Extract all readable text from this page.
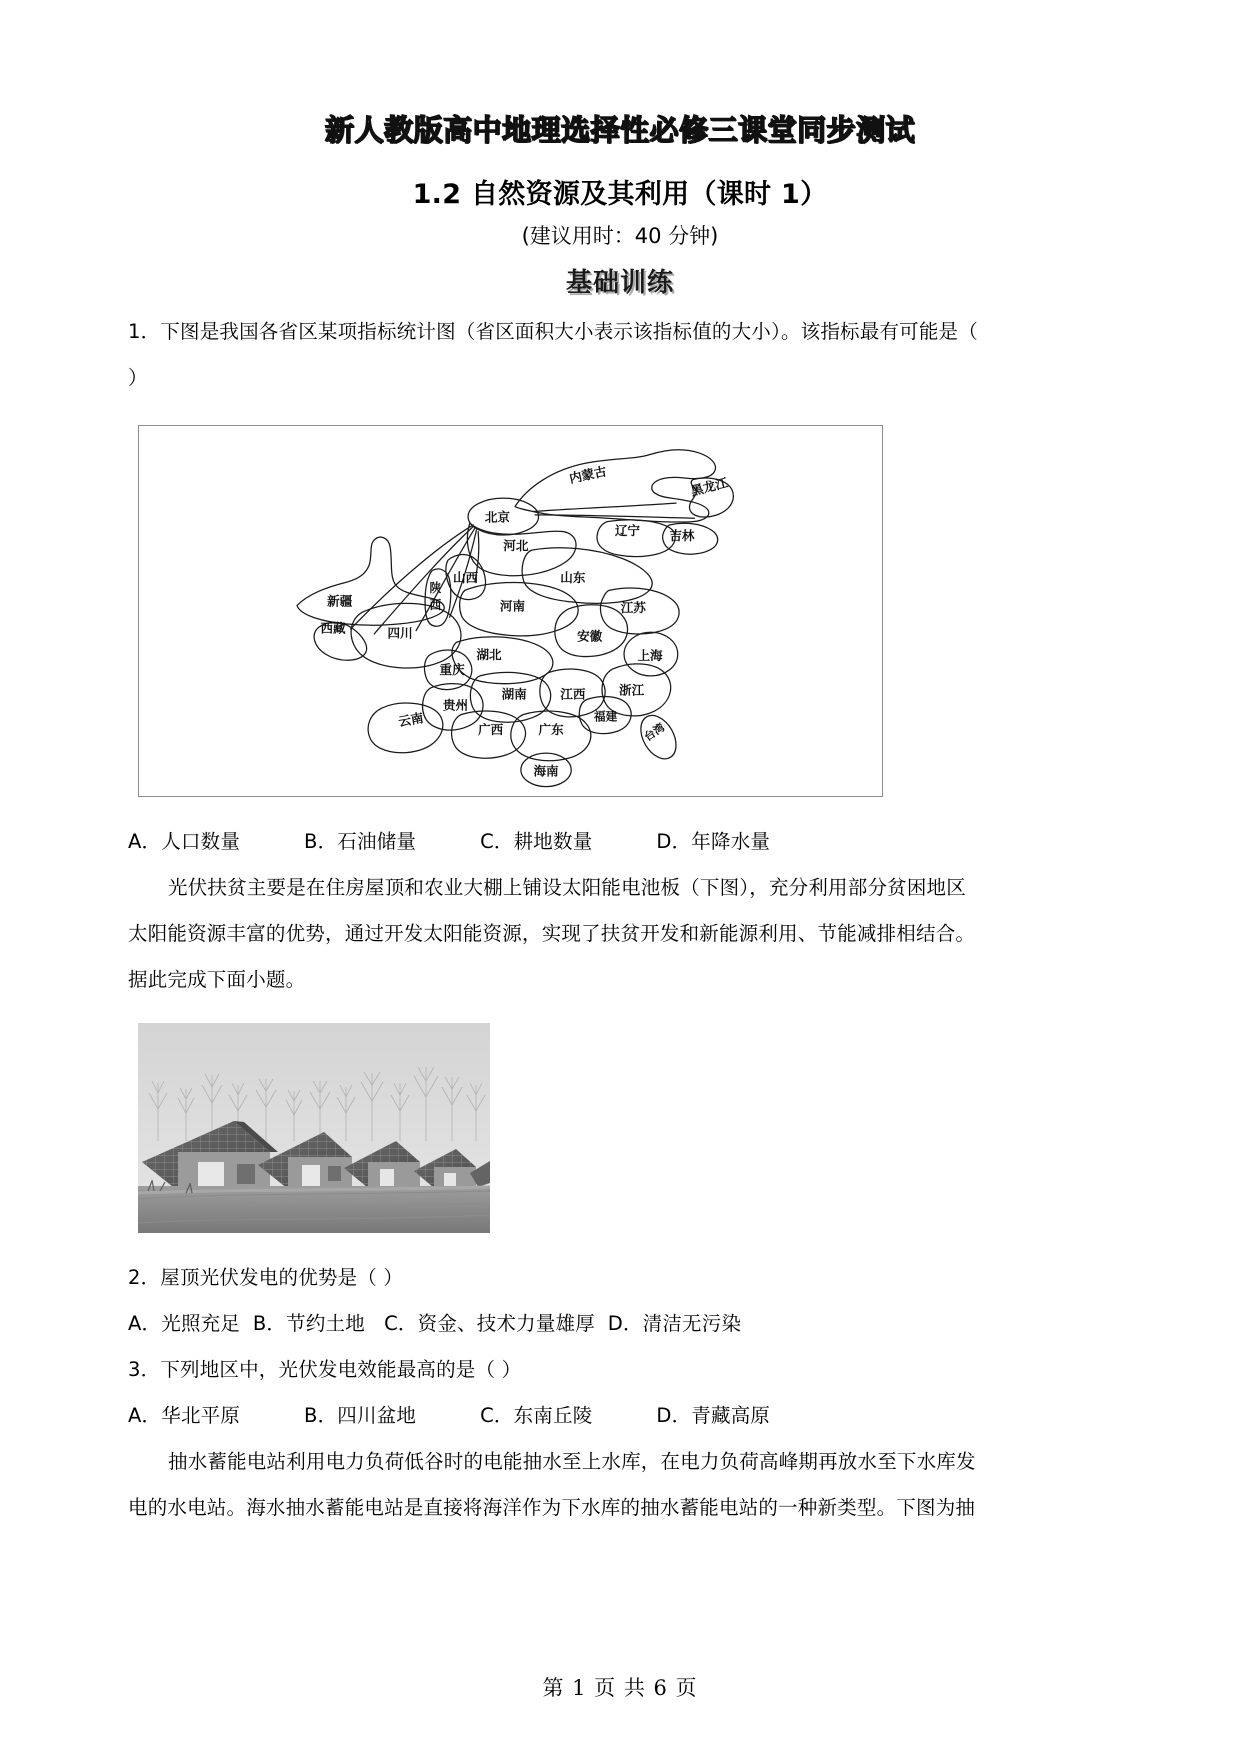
新人教版高中地理选择性必修三课堂同步测试
1.2 自然资源及其利用（课时 1）
(建议用时：40 分钟)
基础训练
1．下图是我国各省区某项指标统计图（省区面积大小表示该指标值的大小）。该指标最有可能是（
）
内蒙古
黑龙江
北京
辽宁 吉林
河北
山西	山东
陕
西
新疆	河南	江苏
西藏	四川	安徽
湖北	上海
重庆
湖南 江西 浙江
贵州
福建
云南
广西 广东	台湾
海南
A．人口数量          B．石油储量          C．耕地数量          D．年降水量
光伏扶贫主要是在住房屋顶和农业大棚上铺设太阳能电池板（下图），充分利用部分贫困地区
太阳能资源丰富的优势，通过开发太阳能资源，实现了扶贫开发和新能源利用、节能减排相结合。
据此完成下面小题。
2．屋顶光伏发电的优势是（ ）
A．光照充足  B．节约土地   C．资金、技术力量雄厚  D．清洁无污染
3．下列地区中，光伏发电效能最高的是（ ）
A．华北平原          B．四川盆地          C．东南丘陵          D．青藏高原
抽水蓄能电站利用电力负荷低谷时的电能抽水至上水库，在电力负荷高峰期再放水至下水库发
电的水电站。海水抽水蓄能电站是直接将海洋作为下水库的抽水蓄能电站的一种新类型。下图为抽
第 1 页 共 6 页
